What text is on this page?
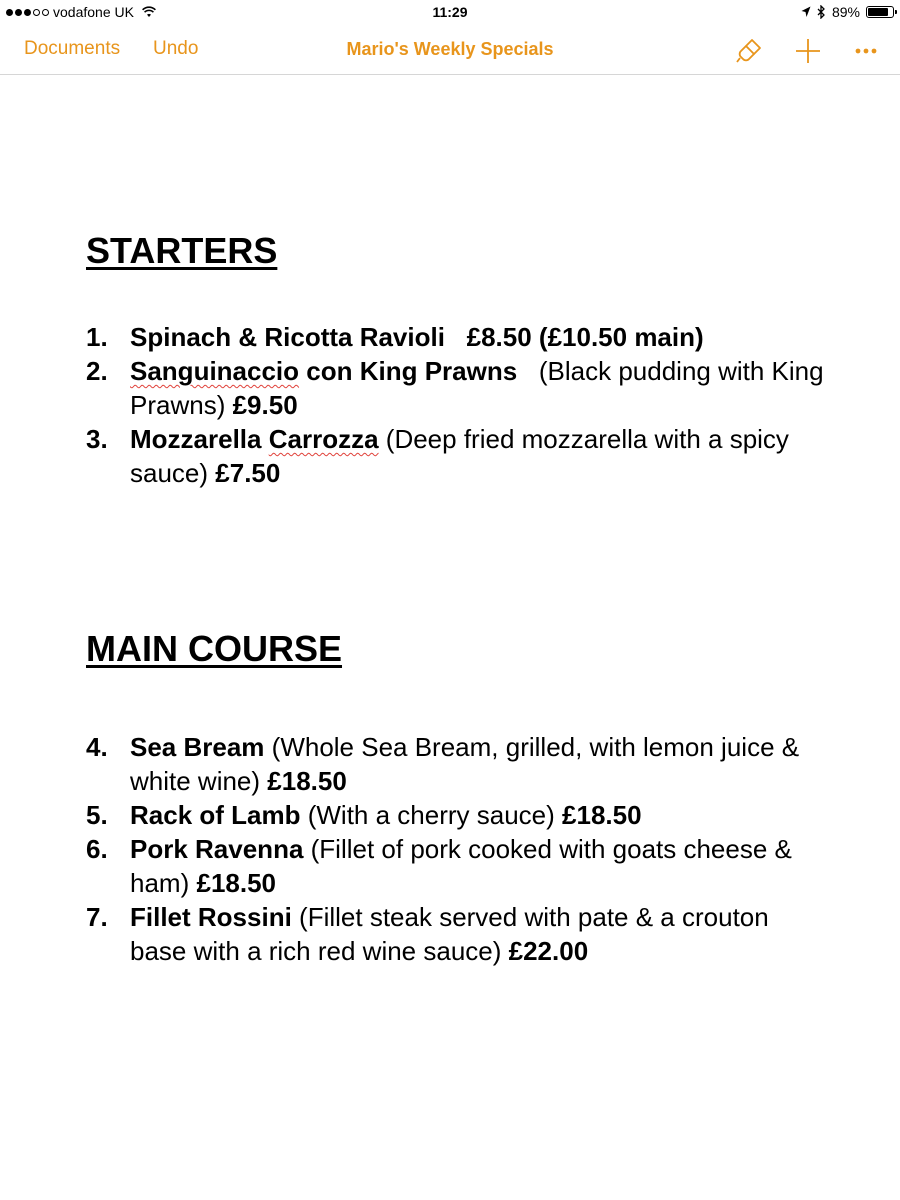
vodafone UK	11:29	89%
Documents Undo	Mario's Weekly Specials
STARTERS
1. Spinach & Ricotta Ravioli £8.50 (£10.50 main)
2. Sanguinaccio con King Prawns (Black pudding with King Prawns) £9.50
3. Mozzarella Carrozza (Deep fried mozzarella with a spicy sauce) £7.50
MAIN COURSE
4. Sea Bream (Whole Sea Bream, grilled, with lemon juice & white wine) £18.50
5. Rack of Lamb (With a cherry sauce) £18.50
6. Pork Ravenna (Fillet of pork cooked with goats cheese & ham) £18.50
7. Fillet Rossini (Fillet steak served with pate & a crouton base with a rich red wine sauce) £22.00
